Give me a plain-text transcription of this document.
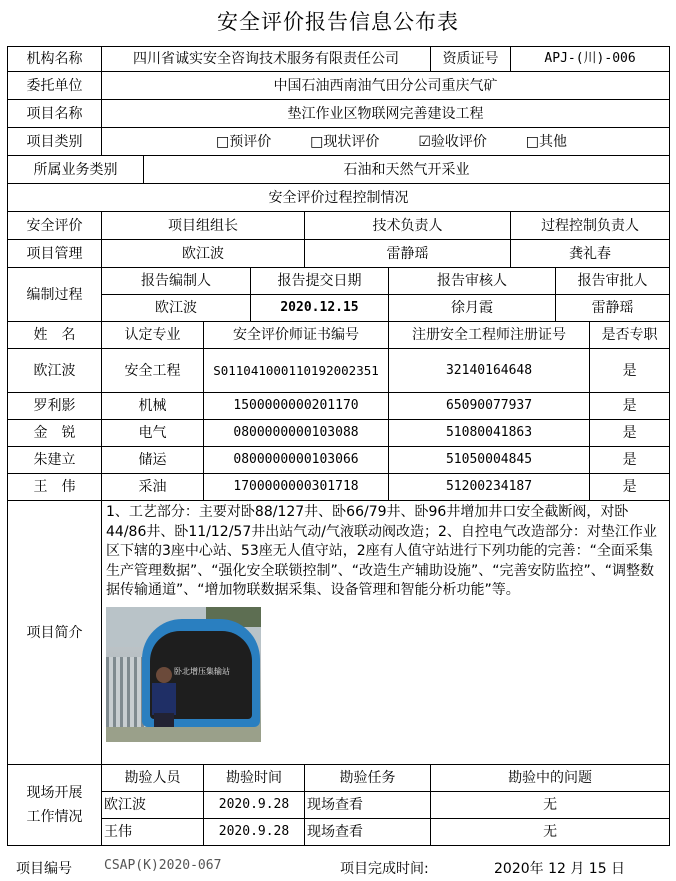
安全评价报告信息公布表
机构名称	四川省诚实安全咨询技术服务有限责任公司						资质证号	APJ-(川)-006		
委托单位	中国石油西南油气田分公司重庆气矿									
项目名称	垫江作业区物联网完善建设工程									
项目类别	□预评价 □现状评价 ☑验收评价 □其他									

所属业务类别		石油和天然气开采业								
安全评价过程控制情况										
安全评价	项目组组长				技术负责人			过程控制负责人		
项目管理	欧江波				雷静瑶			龚礼春		
编制过程	报告编制人			报告提交日期		报告审核人			报告审批人	
	欧江波			2020.12.15		徐月霞			雷静瑶	
姓　名	认定专业		安全评价师证书编号			注册安全工程师注册证号				是否专职
欧江波	安全工程		S011041000110192002351			32140164648				是
罗利影	机械		1500000000201170			65090077937				是
金　锐	电气		0800000000103088			51080041863				是
朱建立	储运		0800000000103066			51050004845				是
王　伟	采油		1700000000301718			51200234187				是
项目简介	1、工艺部分：主要对卧88/127井、卧66/79井、卧96井增加井口安全截断阀，对卧44/86井、卧11/12/57井出站气动/气液联动阀改造；2、自控电气改造部分：对垫江作业区下辖的3座中心站、53座无人值守站，2座有人值守站进行下列功能的完善：“全面采集生产管理数据”、“强化安全联锁控制”、“改造生产辅助设施”、“完善安防监控”、“调整数据传输通道”、“增加物联数据采集、设备管理和智能分析功能”等。
卧北增压集输站									

现场开展
工作情况	勘验人员		勘验时间		勘验任务		勘验中的问题			
	欧江波		2020.9.28		现场查看		无			
	王伟		2020.9.28		现场查看		无			
项目编号 CSAP(K)2020-067	项目完成时间:	2020年 12 月 15 日
